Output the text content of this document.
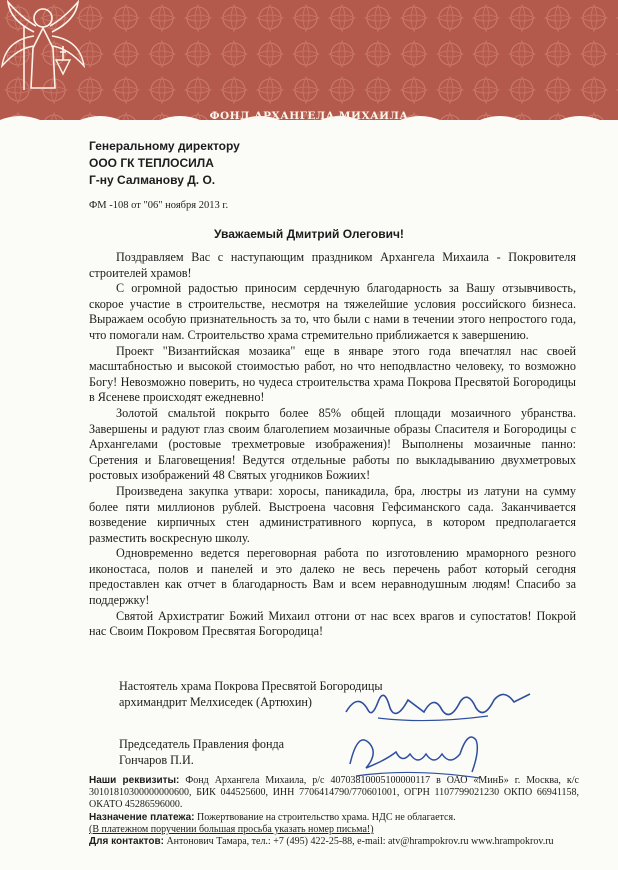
ФОНД АРХАНГЕЛА МИХАИЛА
Генеральному директору
ООО ГК ТЕПЛОСИЛА
Г-ну Салманову Д. О.
ФМ -108 от "06" ноября 2013 г.
Уважаемый Дмитрий Олегович!

Поздравляем Вас с наступающим праздником Архангела Михаила - Покровителя строителей храмов!

С огромной радостью приносим сердечную благодарность за Вашу отзывчивость, скорое участие в строительстве, несмотря на тяжелейшие условия российского бизнеса. Выражаем особую признательность за то, что были с нами в течении этого непростого года, что помогали нам. Строительство храма стремительно приближается к завершению.

Проект "Византийская мозаика" еще в январе этого года впечатлял нас своей масштабностью и высокой стоимостью работ, но что неподвластно человеку, то возможно Богу! Невозможно поверить, но чудеса строительства храма Покрова Пресвятой Богородицы в Ясеневе происходят ежедневно!

Золотой смальтой покрыто более 85% общей площади мозаичного убранства. Завершены и радуют глаз своим благолепием мозаичные образы Спасителя и Богородицы с Архангелами (ростовые трехметровые изображения)! Выполнены мозаичные панно: Сретения и Благовещения! Ведутся отдельные работы по выкладыванию двухметровых ростовых изображений 48 Святых угодников Божиих!

Произведена закупка утвари: хоросы, паникадила, бра, люстры из латуни на сумму более пяти миллионов рублей. Выстроена часовня Гефсиманского сада. Заканчивается возведение кирпичных стен административного корпуса, в котором предполагается разместить воскресную школу.

Одновременно ведется переговорная работа по изготовлению мраморного резного иконостаса, полов и панелей и это далеко не весь перечень работ который сегодня предоставлен как отчет в благодарность Вам и всем неравнодушным людям! Спасибо за поддержку!

Святой Архистратиг Божий Михаил отгони от нас всех врагов и супостатов! Покрой нас Своим Покровом Пресвятая Богородица!

Настоятель храма Покрова Пресвятой Богородицы
архимандрит Мелхиседек (Артюхин)
Председатель Правления фонда
Гончаров П.И.
Наши реквизиты: Фонд Архангела Михаила, р/с 40703810005100000117 в ОАО «МинБ» г. Москва, к/с 30101810300000000600, БИК 044525600, ИНН 7706414790/770601001, ОГРН 1107799021230 ОКПО 66941158, ОКАТО 45286596000.
Назначение платежа: Пожертвование на строительство храма. НДС не облагается.
(В платежном поручении большая просьба указать номер письма!)
Для контактов: Антонович Тамара, тел.: +7 (495) 422-25-88, e-mail: atv@hramp​okrov.ru www.hrampokrov.ru
